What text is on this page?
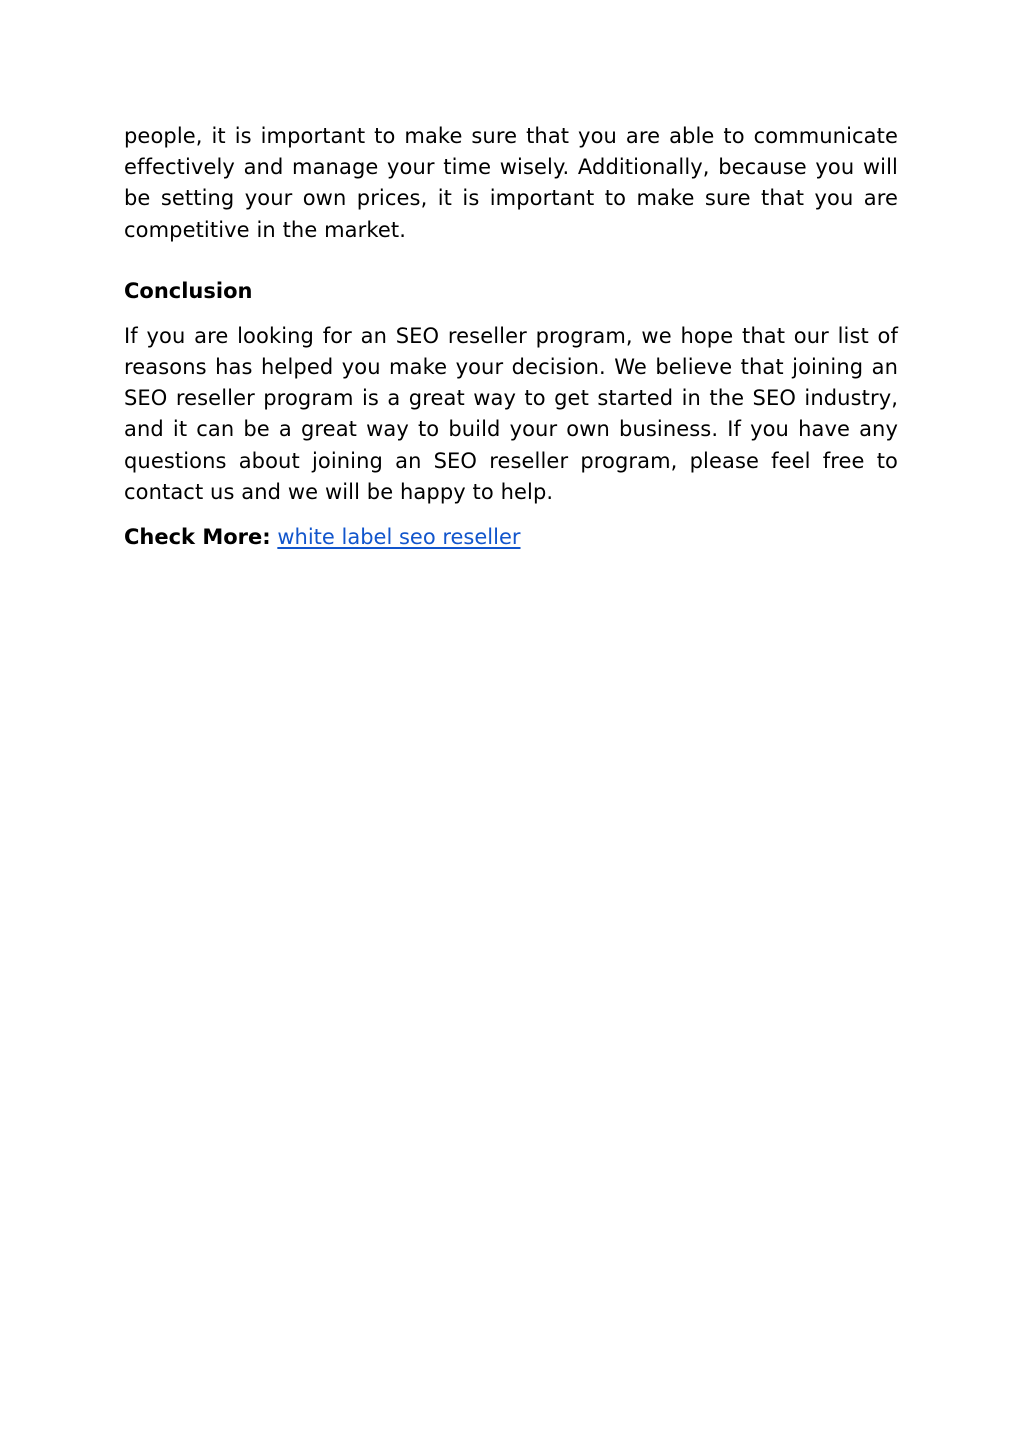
people, it is important to make sure that you are able to communicate effectively and manage your time wisely. Additionally, because you will be setting your own prices, it is important to make sure that you are competitive in the market.

Conclusion

If you are looking for an SEO reseller program, we hope that our list of reasons has helped you make your decision. We believe that joining an SEO reseller program is a great way to get started in the SEO industry, and it can be a great way to build your own business. If you have any questions about joining an SEO reseller program, please feel free to contact us and we will be happy to help.

Check More: white label seo reseller
